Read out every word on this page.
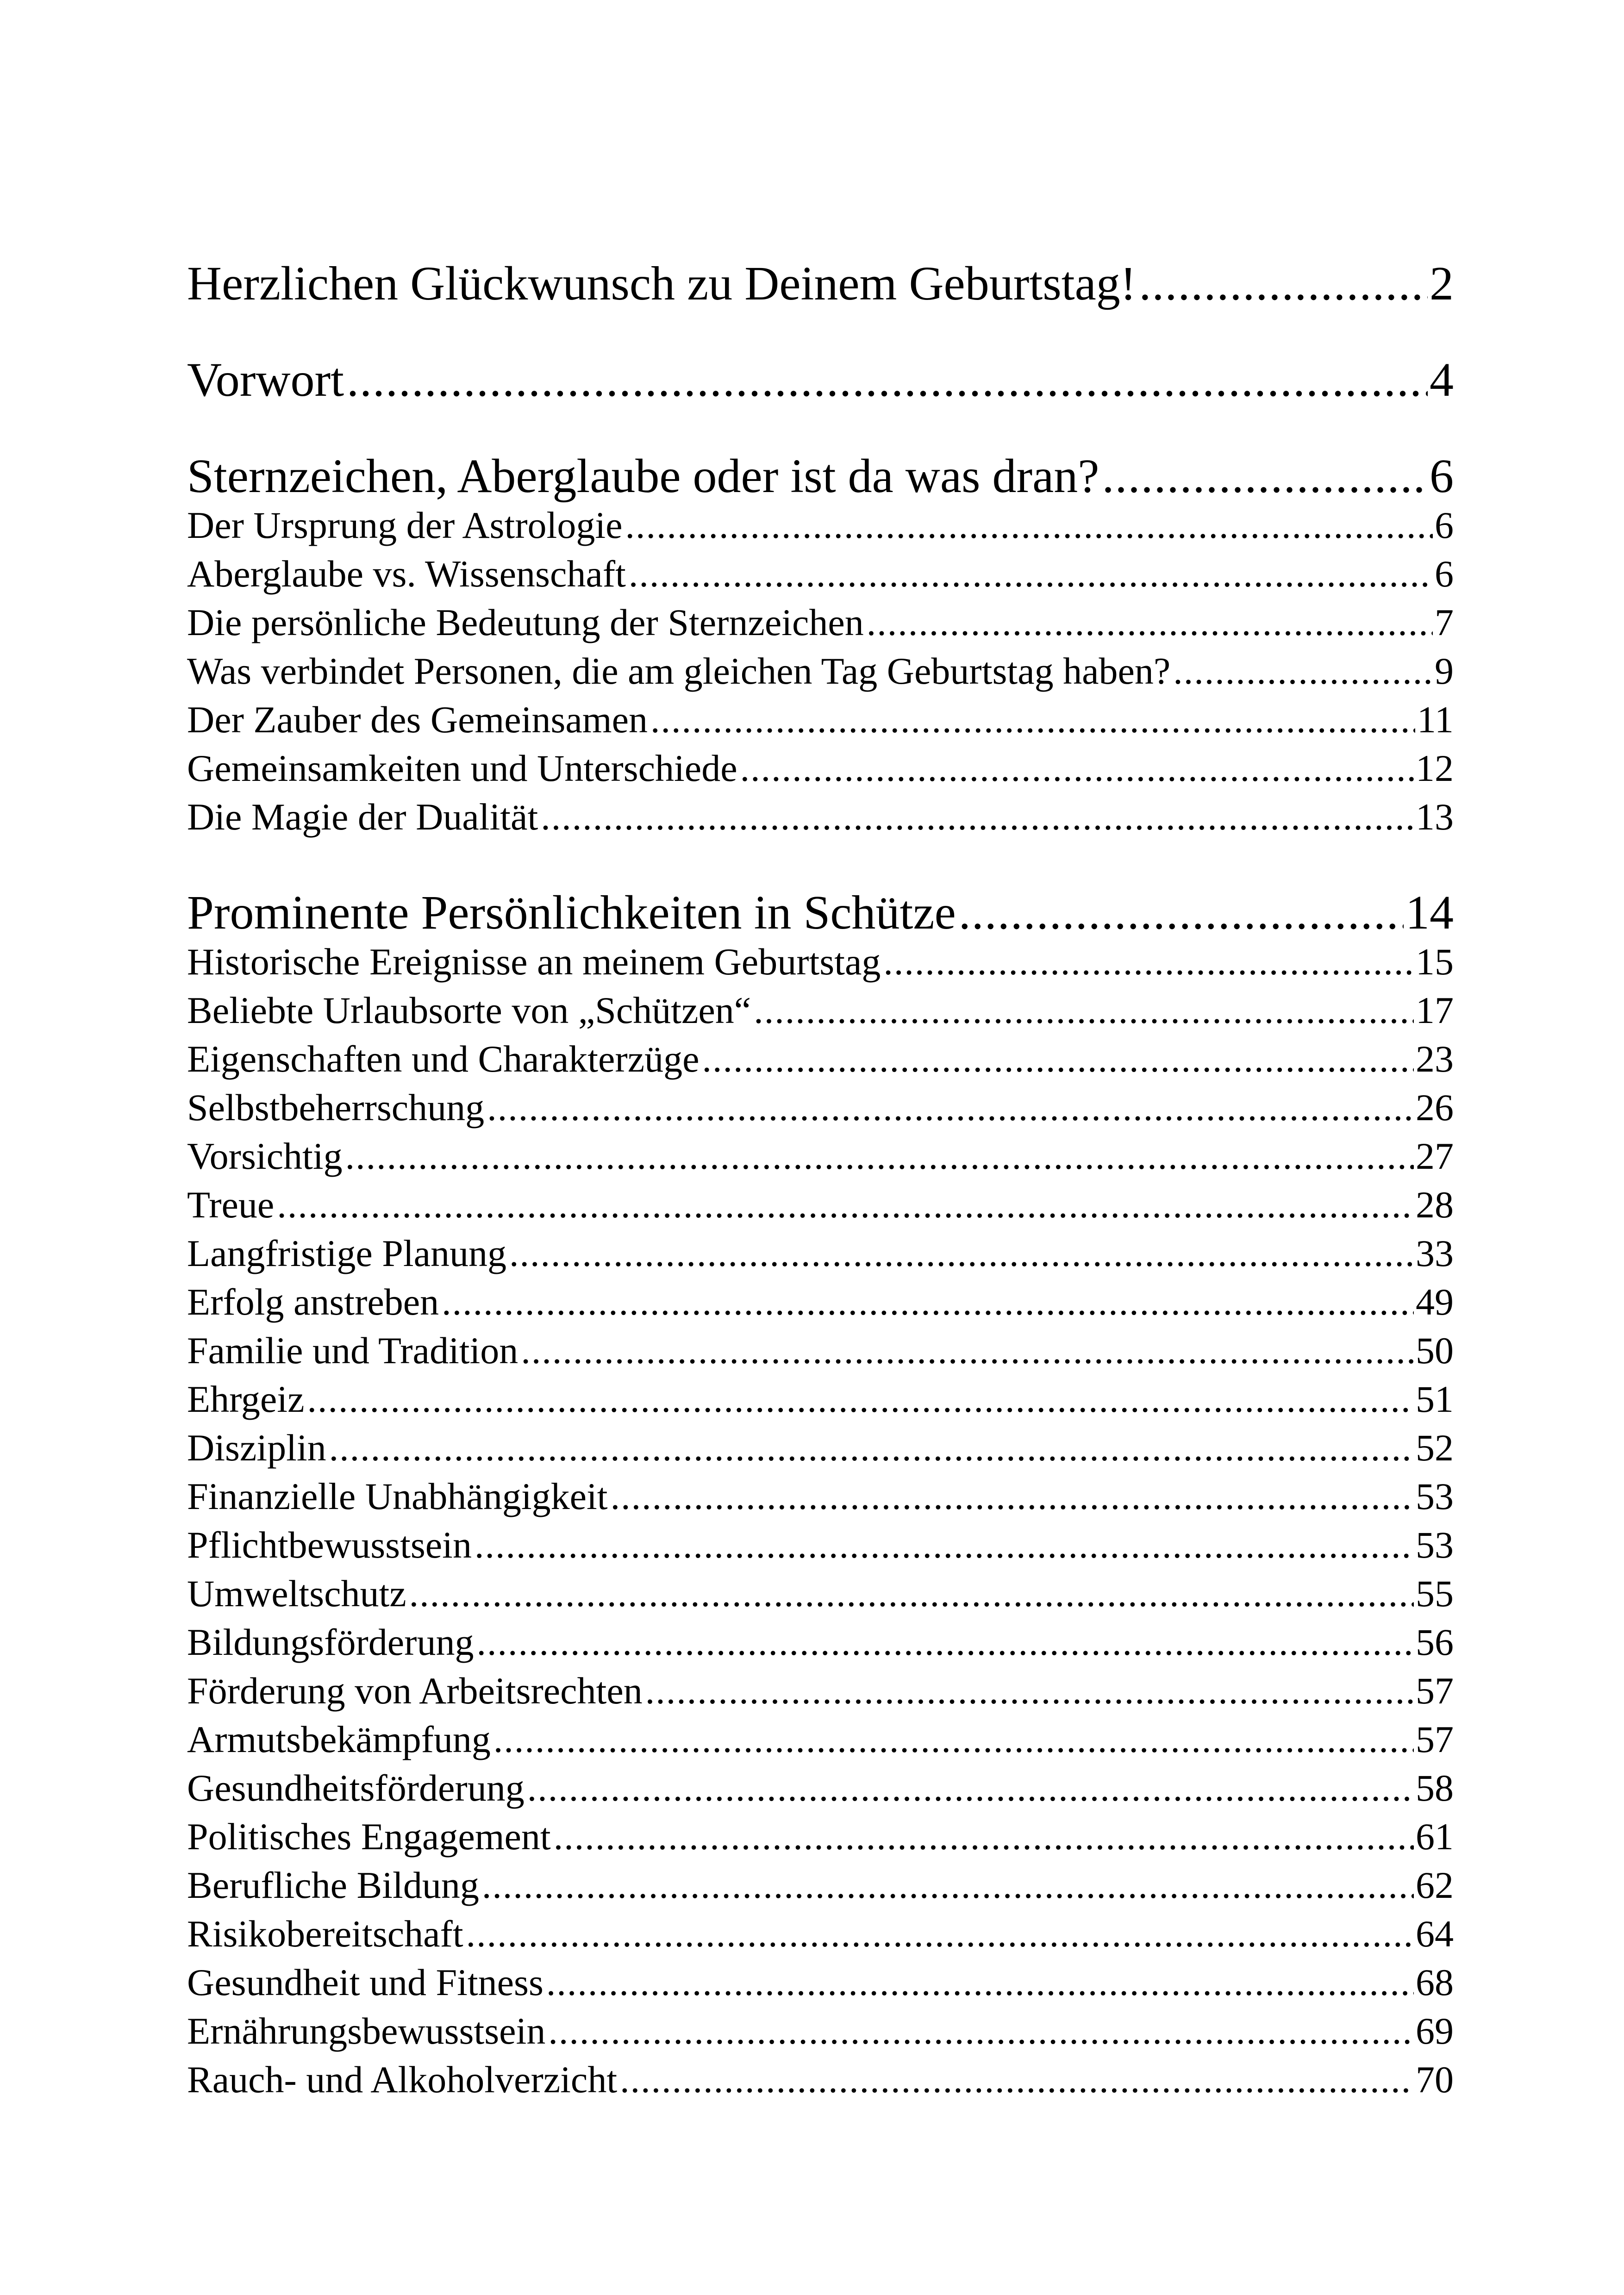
Herzlichen Glückwunsch zu Deinem Geburtstag! .....	2
Vorwort .....	4
Sternzeichen, Aberglaube oder ist da was dran? .....	6
Der Ursprung der Astrologie .....	6
Aberglaube vs. Wissenschaft .....	6
Die persönliche Bedeutung der Sternzeichen .....	7
Was verbindet Personen, die am gleichen Tag Geburtstag haben? .....	9
Der Zauber des Gemeinsamen .....	11
Gemeinsamkeiten und Unterschiede .....	12
Die Magie der Dualität .....	13
Prominente Persönlichkeiten in Schütze .....	14
Historische Ereignisse an meinem Geburtstag .....	15
Beliebte Urlaubsorte von „Schützen“ .....	17
Eigenschaften und Charakterzüge .....	23
Selbstbeherrschung .....	26
Vorsichtig .....	27
Treue .....	28
Langfristige Planung .....	33
Erfolg anstreben .....	49
Familie und Tradition .....	50
Ehrgeiz .....	51
Disziplin .....	52
Finanzielle Unabhängigkeit .....	53
Pflichtbewusstsein .....	53
Umweltschutz .....	55
Bildungsförderung .....	56
Förderung von Arbeitsrechten .....	57
Armutsbekämpfung .....	57
Gesundheitsförderung .....	58
Politisches Engagement .....	61
Berufliche Bildung .....	62
Risikobereitschaft .....	64
Gesundheit und Fitness .....	68
Ernährungsbewusstsein .....	69
Rauch- und Alkoholverzicht .....	70
